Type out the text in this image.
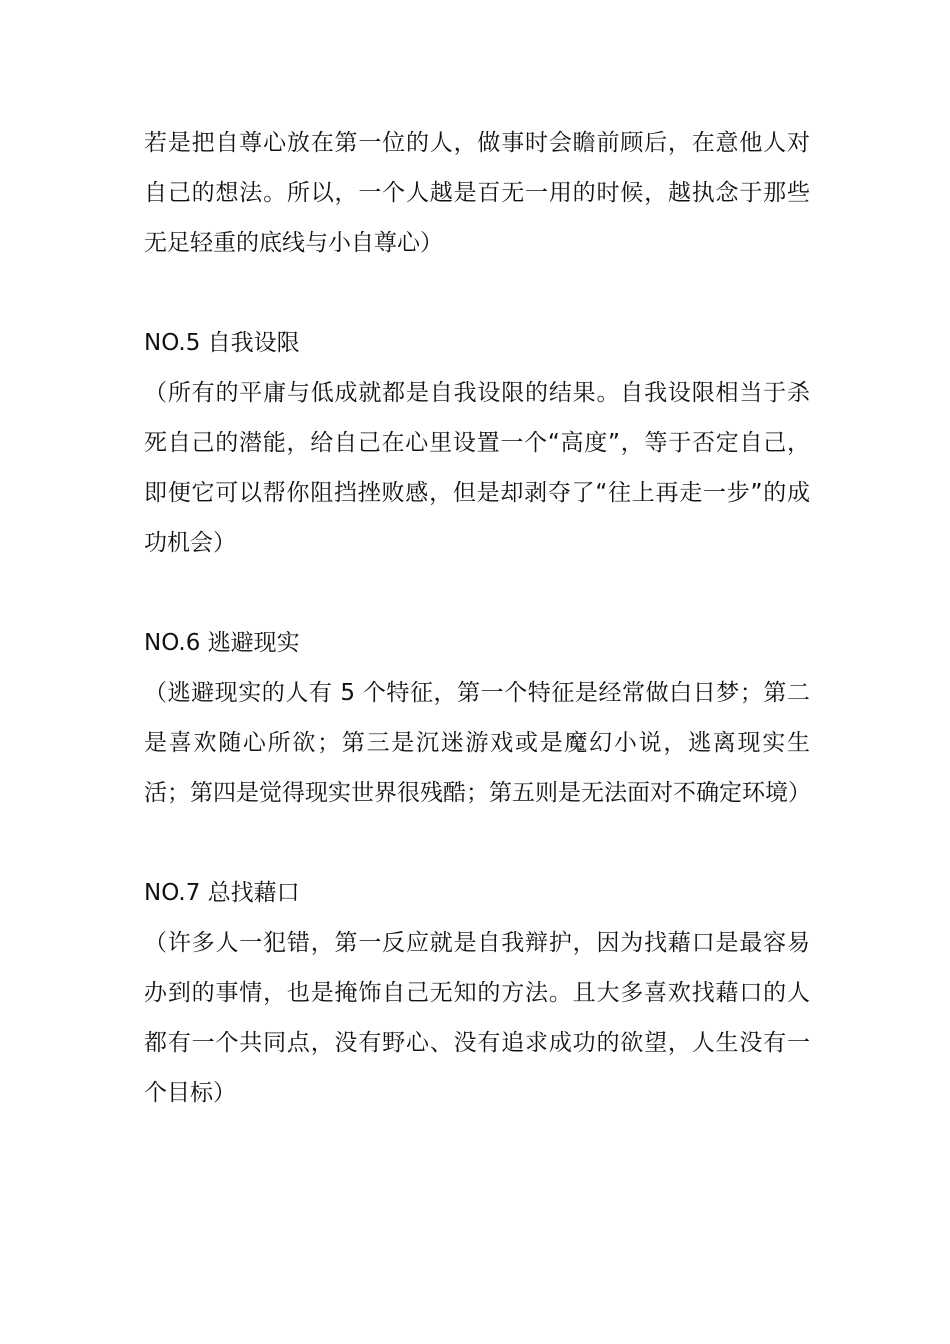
若是把自尊心放在第一位的人，做事时会瞻前顾后，在意他人对自己的想法。所以，一个人越是百无一用的时候，越执念于那些无足轻重的底线与小自尊心）

NO.5 自我设限

（所有的平庸与低成就都是自我设限的结果。自我设限相当于杀死自己的潜能，给自己在心里设置一个“高度”，等于否定自己，即便它可以帮你阻挡挫败感，但是却剥夺了“往上再走一步”的成功机会）

NO.6 逃避现实

（逃避现实的人有 5 个特征，第一个特征是经常做白日梦；第二是喜欢随心所欲；第三是沉迷游戏或是魔幻小说，逃离现实生活；第四是觉得现实世界很残酷；第五则是无法面对不确定环境）

NO.7 总找藉口

（许多人一犯错，第一反应就是自我辩护，因为找藉口是最容易办到的事情，也是掩饰自己无知的方法。且大多喜欢找藉口的人都有一个共同点，没有野心、没有追求成功的欲望，人生没有一个目标）
